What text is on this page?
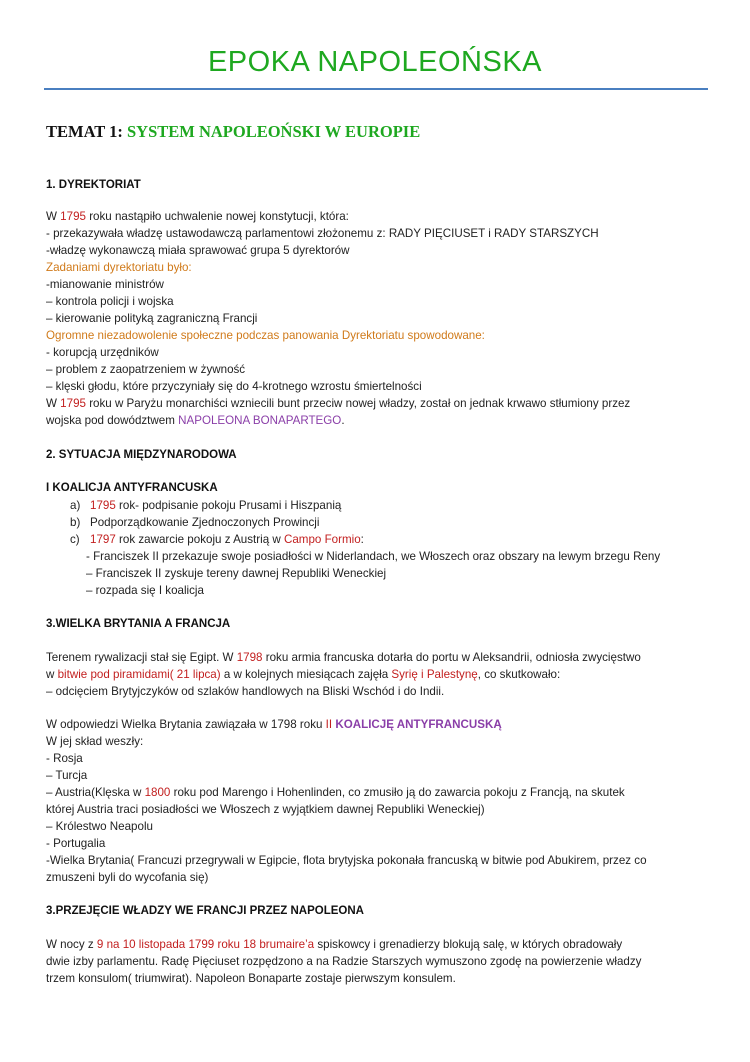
EPOKA NAPOLEOŃSKA
TEMAT 1: SYSTEM NAPOLEOŃSKI W EUROPIE
1. DYREKTORIAT
W 1795 roku nastąpiło uchwalenie nowej konstytucji, która:
- przekazywała władzę ustawodawczą parlamentowi złożonemu z: RADY PIĘCIUSET i RADY STARSZYCH
-władzę wykonawczą miała sprawować grupa 5 dyrektorów
Zadaniami dyrektoriatu było:
-mianowanie ministrów
– kontrola policji i wojska
– kierowanie polityką zagraniczną Francji
Ogromne niezadowolenie społeczne podczas panowania Dyrektoriatu spowodowane:
- korupcją urzędników
– problem z zaopatrzeniem w żywność
– klęski głodu, które przyczyniały się do 4-krotnego wzrostu śmiertelności
W 1795 roku w Paryżu monarchiści wzniecili bunt przeciw nowej władzy, został on jednak krwawo stłumiony przez
wojska pod dowództwem NAPOLEONA BONAPARTEGO.
2. SYTUACJA MIĘDZYNARODOWA
I KOALICJA ANTYFRANCUSKA
a) 1795 rok- podpisanie pokoju Prusami i Hiszpanią
b) Podporządkowanie Zjednoczonych Prowincji
c) 1797 rok zawarcie pokoju z Austrią w Campo Formio:
- Franciszek II przekazuje swoje posiadłości w Niderlandach, we Włoszech oraz obszary na lewym brzegu Reny
– Franciszek II zyskuje tereny dawnej Republiki Weneckiej
– rozpada się I koalicja
3.WIELKA BRYTANIA A FRANCJA
Terenem rywalizacji stał się Egipt. W 1798 roku armia francuska dotarła do portu w Aleksandrii, odniosła zwycięstwo
w bitwie pod piramidami( 21 lipca) a w kolejnych miesiącach zajęła Syrię i Palestynę, co skutkowało:
– odcięciem Brytyjczyków od szlaków handlowych na Bliski Wschód i do Indii.
W odpowiedzi Wielka Brytania zawiązała w 1798 roku II KOALICJĘ ANTYFRANCUSKĄ
W jej skład weszły:
- Rosja
– Turcja
– Austria(Klęska w 1800 roku pod Marengo i Hohenlinden, co zmusiło ją do zawarcia pokoju z Francją, na skutek
której Austria traci posiadłości we Włoszech z wyjątkiem dawnej Republiki Weneckiej)
– Królestwo Neapolu
- Portugalia
-Wielka Brytania( Francuzi przegrywali w Egipcie, flota brytyjska pokonała francuską w bitwie pod Abukirem, przez co
zmuszeni byli do wycofania się)
3.PRZEJĘCIE WŁADZY WE FRANCJI PRZEZ NAPOLEONA
W nocy z 9 na 10 listopada 1799 roku 18 brumaire’a spiskowcy i grenadierzy blokują salę, w których obradowały
dwie izby parlamentu. Radę Pięciuset rozpędzono a na Radzie Starszych wymuszono zgodę na powierzenie władzy
trzem konsulom( triumwirat). Napoleon Bonaparte zostaje pierwszym konsulem.
